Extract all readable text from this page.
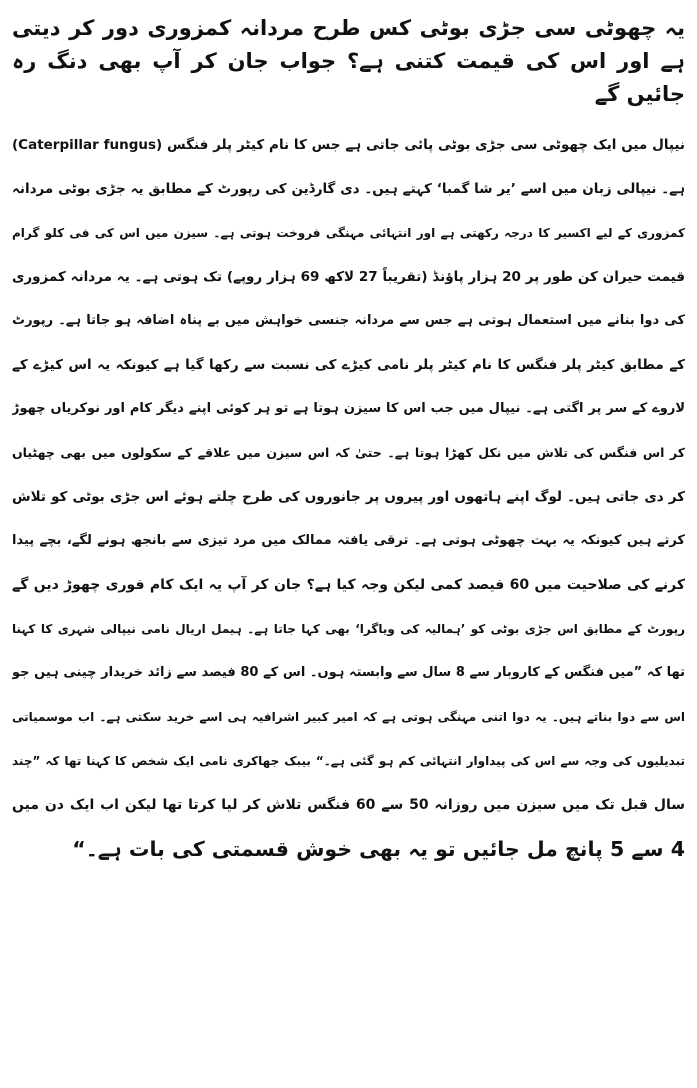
یہ چھوٹی سی جڑی بوٹی کس طرح مردانہ کمزوری دور کر دیتی ہے اور اس کی قیمت کتنی ہے؟ جواب جان کر آپ بھی دنگ رہ جائیں گے

نیپال میں ایک چھوٹی سی جڑی بوٹی پائی جاتی ہے جس کا نام کیٹر پلر فنگس (Caterpillar fungus)

ہے۔ نیپالی زبان میں اسے ’یر شا گمبا‘ کہتے ہیں۔ دی گارڈین کی رپورٹ کے مطابق یہ جڑی بوٹی مردانہ

کمزوری کے لیے اکسیر کا درجہ رکھتی ہے اور انتہائی مہنگی فروخت ہوتی ہے۔ سیزن میں اس کی فی کلو گرام

قیمت حیران کن طور پر 20 ہزار پاؤنڈ (تقریباً 27 لاکھ 69 ہزار روپے) تک ہوتی ہے۔ یہ مردانہ کمزوری

کی دوا بنانے میں استعمال ہوتی ہے جس سے مردانہ جنسی خواہش میں بے پناہ اضافہ ہو جاتا ہے۔ رپورٹ

کے مطابق کیٹر پلر فنگس کا نام کیٹر پلر نامی کیڑے کی نسبت سے رکھا گیا ہے کیونکہ یہ اس کیڑے کے

لاروے کے سر پر اگتی ہے۔ نیپال میں جب اس کا سیزن ہوتا ہے تو ہر کوئی اپنے دیگر کام اور نوکریاں چھوڑ

کر اس فنگس کی تلاش میں نکل کھڑا ہوتا ہے۔ حتیٰ کہ اس سیزن میں علاقے کے سکولوں میں بھی چھٹیاں

کر دی جاتی ہیں۔ لوگ اپنے ہاتھوں اور پیروں پر جانوروں کی طرح چلتے ہوئے اس جڑی بوٹی کو تلاش

کرتے ہیں کیونکہ یہ بہت چھوٹی ہوتی ہے۔ ترقی یافتہ ممالک میں مرد تیزی سے بانجھ ہونے لگے، بچے پیدا

کرنے کی صلاحیت میں 60 فیصد کمی لیکن وجہ کیا ہے؟ جان کر آپ یہ ایک کام فوری چھوڑ دیں گے

رپورٹ کے مطابق اس جڑی بوٹی کو ’ہمالیہ کی ویاگرا‘ بھی کہا جاتا ہے۔ ہیمل اریال نامی نیپالی شہری کا کہنا

تھا کہ ”میں فنگس کے کاروبار سے 8 سال سے وابستہ ہوں۔ اس کے 80 فیصد سے زائد خریدار چینی ہیں جو

اس سے دوا بناتے ہیں۔ یہ دوا اتنی مہنگی ہوتی ہے کہ امیر کبیر اشرافیہ ہی اسے خرید سکتی ہے۔ اب موسمیاتی

تبدیلیوں کی وجہ سے اس کی پیداوار انتہائی کم ہو گئی ہے۔“ بیبک جھاکری نامی ایک شخص کا کہنا تھا کہ ”چند

سال قبل تک میں سیزن میں روزانہ 50 سے 60 فنگس تلاش کر لیا کرتا تھا لیکن اب ایک دن میں

4 سے 5 پانچ مل جائیں تو یہ بھی خوش قسمتی کی بات ہے۔“
